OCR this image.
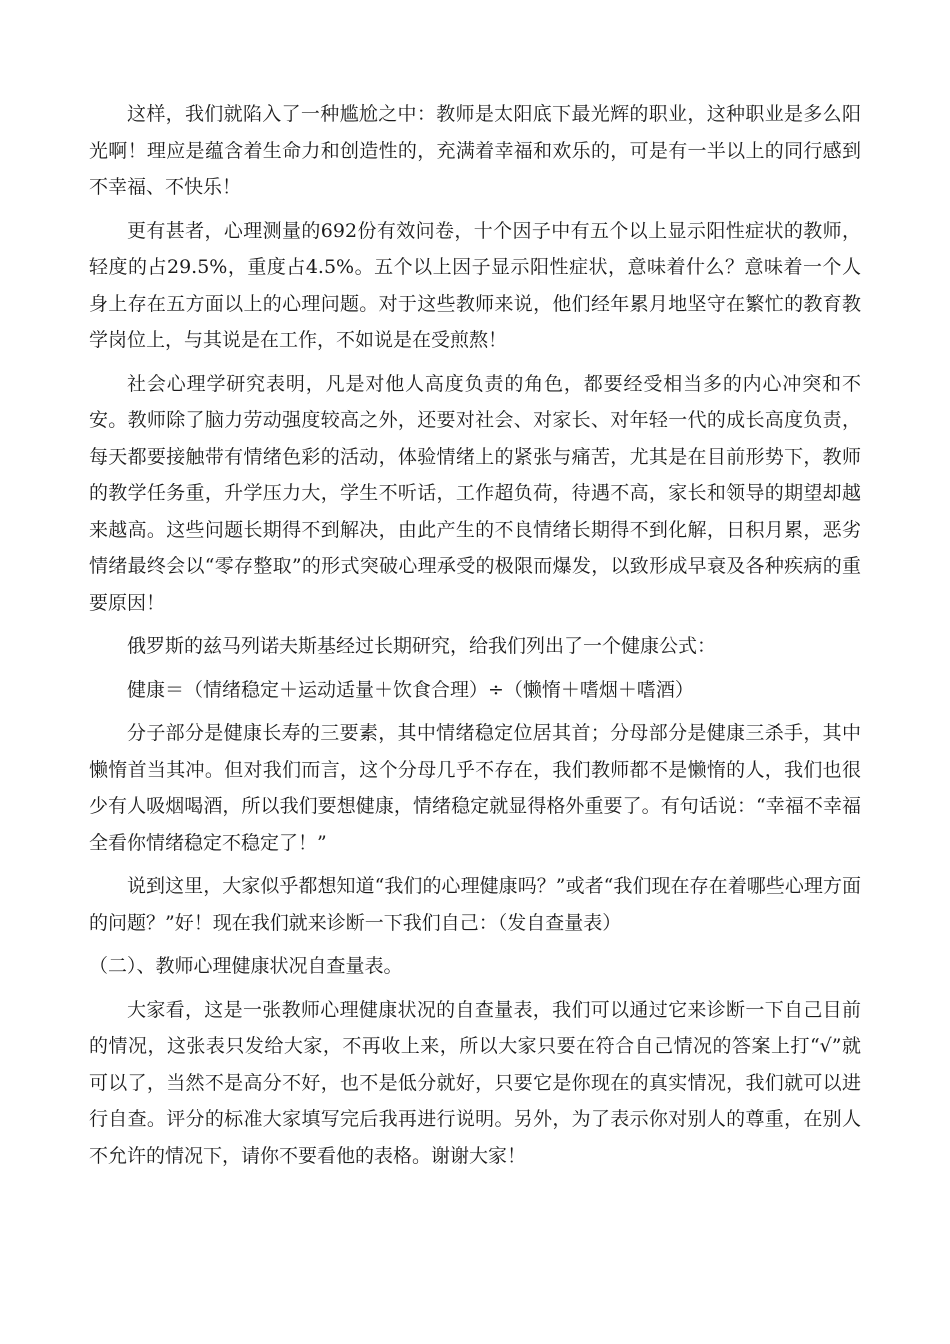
这样，我们就陷入了一种尴尬之中：教师是太阳底下最光辉的职业，这种职业是多么阳光啊！理应是蕴含着生命力和创造性的，充满着幸福和欢乐的，可是有一半以上的同行感到不幸福、不快乐！

更有甚者，心理测量的692份有效问卷，十个因子中有五个以上显示阳性症状的教师，轻度的占29.5%，重度占4.5%。五个以上因子显示阳性症状，意味着什么？意味着一个人身上存在五方面以上的心理问题。对于这些教师来说，他们经年累月地坚守在繁忙的教育教学岗位上，与其说是在工作，不如说是在受煎熬！

社会心理学研究表明，凡是对他人高度负责的角色，都要经受相当多的内心冲突和不安。教师除了脑力劳动强度较高之外，还要对社会、对家长、对年轻一代的成长高度负责，每天都要接触带有情绪色彩的活动，体验情绪上的紧张与痛苦，尤其是在目前形势下，教师的教学任务重，升学压力大，学生不听话，工作超负荷，待遇不高，家长和领导的期望却越来越高。这些问题长期得不到解决，由此产生的不良情绪长期得不到化解，日积月累，恶劣情绪最终会以“零存整取”的形式突破心理承受的极限而爆发，以致形成早衰及各种疾病的重要原因！

俄罗斯的兹马列诺夫斯基经过长期研究，给我们列出了一个健康公式：

健康＝（情绪稳定＋运动适量＋饮食合理）÷（懒惰＋嗜烟＋嗜酒）

分子部分是健康长寿的三要素，其中情绪稳定位居其首；分母部分是健康三杀手，其中懒惰首当其冲。但对我们而言，这个分母几乎不存在，我们教师都不是懒惰的人，我们也很少有人吸烟喝酒，所以我们要想健康，情绪稳定就显得格外重要了。有句话说：“幸福不幸福全看你情绪稳定不稳定了！”

说到这里，大家似乎都想知道“我们的心理健康吗？”或者“我们现在存在着哪些心理方面的问题？”好！现在我们就来诊断一下我们自己：（发自查量表）

（二）、教师心理健康状况自查量表。

大家看，这是一张教师心理健康状况的自查量表，我们可以通过它来诊断一下自己目前的情况，这张表只发给大家，不再收上来，所以大家只要在符合自己情况的答案上打“√”就可以了，当然不是高分不好，也不是低分就好，只要它是你现在的真实情况，我们就可以进行自查。评分的标准大家填写完后我再进行说明。另外，为了表示你对别人的尊重，在别人不允许的情况下，请你不要看他的表格。谢谢大家！
